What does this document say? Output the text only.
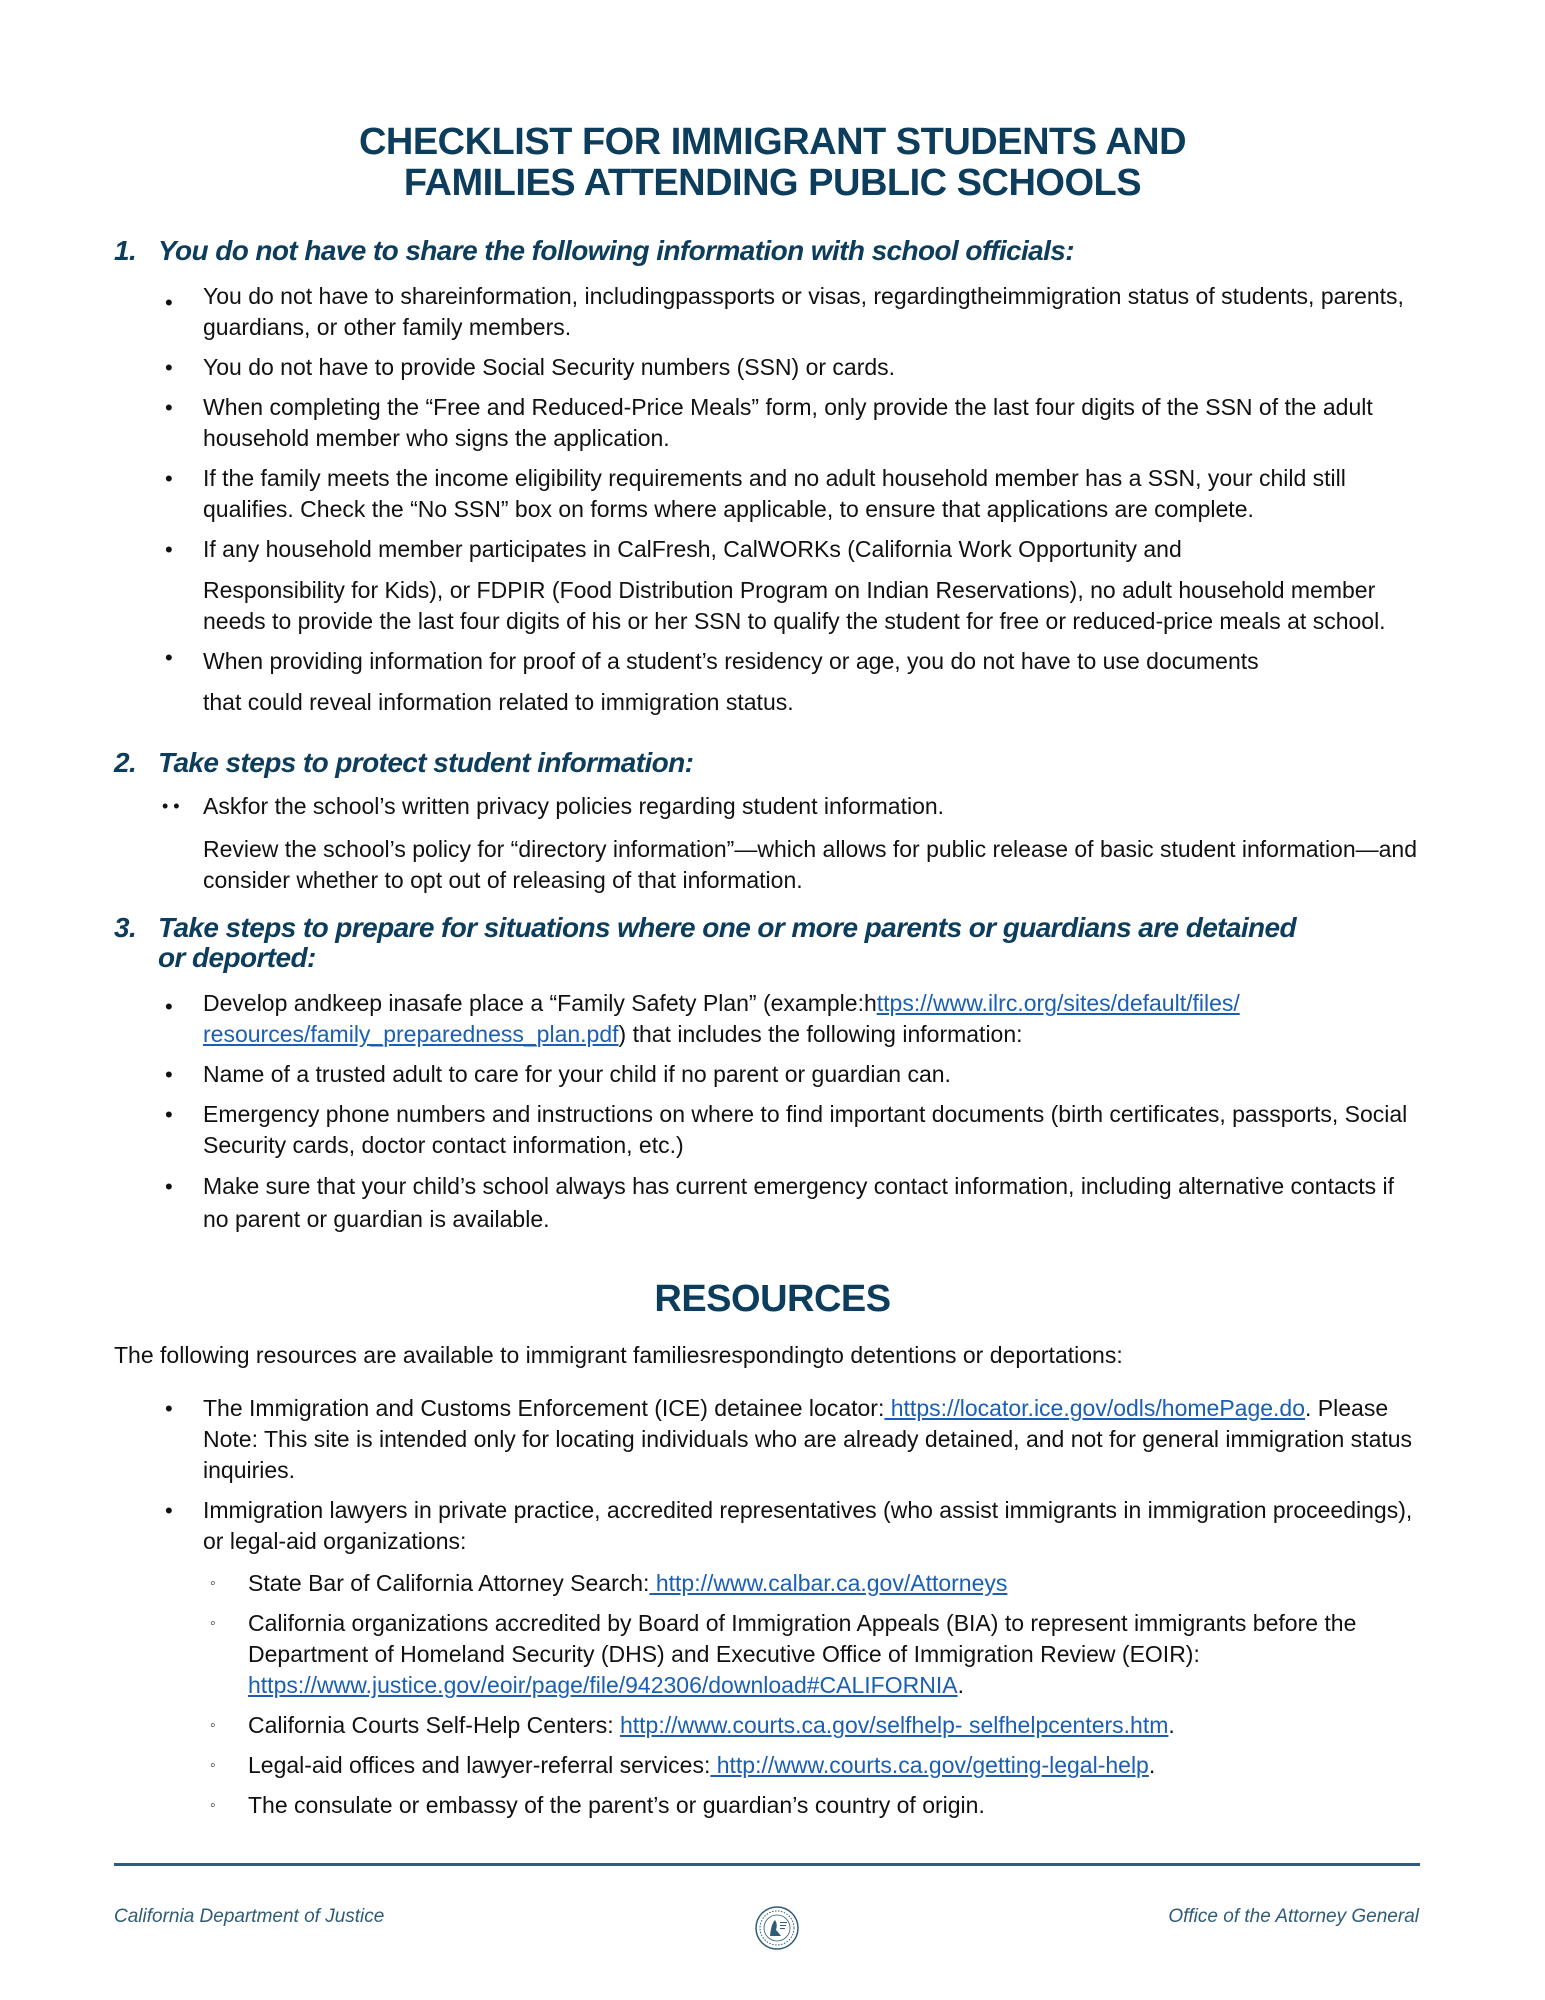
CHECKLIST FOR IMMIGRANT STUDENTS AND
FAMILIES ATTENDING PUBLIC SCHOOLS
1. You do not have to share the following information with school officials:
• You do not have to shareinformation, includingpassports or visas, regardingtheimmigration status of students, parents, guardians, or other family members.
• You do not have to provide Social Security numbers (SSN) or cards.
• When completing the “Free and Reduced-Price Meals” form, only provide the last four digits of the SSN of the adult household member who signs the application.
• If the family meets the income eligibility requirements and no adult household member has a SSN, your child still qualifies. Check the “No SSN” box on forms where applicable, to ensure that applications are complete.
• If any household member participates in CalFresh, CalWORKs (California Work Opportunity and
Responsibility for Kids), or FDPIR (Food Distribution Program on Indian Reservations), no adult household member needs to provide the last four digits of his or her SSN to qualify the student for free or reduced-price meals at school.
• When providing information for proof of a student’s residency or age, you do not have to use documents
that could reveal information related to immigration status.
2. Take steps to protect student information:
• • Askfor the school’s written privacy policies regarding student information.
Review the school’s policy for “directory information”—which allows for public release of basic student information—and consider whether to opt out of releasing of that information.
3. Take steps to prepare for situations where one or more parents or guardians are detained
or deported:
• Develop andkeep inasafe place a “Family Safety Plan” (example:https://www.ilrc.org/sites/default/files/ resources/family_preparedness_plan.pdf) that includes the following information:
• Name of a trusted adult to care for your child if no parent or guardian can.
• Emergency phone numbers and instructions on where to find important documents (birth certificates, passports, Social Security cards, doctor contact information, etc.)
• Make sure that your child’s school always has current emergency contact information, including alternative contacts if no parent or guardian is available.
RESOURCES
The following resources are available to immigrant familiesrespondingto detentions or deportations:
• The Immigration and Customs Enforcement (ICE) detainee locator: https://locator.ice.gov/odls/homePage.do. Please Note: This site is intended only for locating individuals who are already detained, and not for general immigration status inquiries.
• Immigration lawyers in private practice, accredited representatives (who assist immigrants in immigration proceedings), or legal-aid organizations:
◦ State Bar of California Attorney Search: http://www.calbar.ca.gov/Attorneys
◦ California organizations accredited by Board of Immigration Appeals (BIA) to represent immigrants before the Department of Homeland Security (DHS) and Executive Office of Immigration Review (EOIR): https://www.justice.gov/eoir/page/file/942306/download#CALIFORNIA.
◦ California Courts Self-Help Centers: http://www.courts.ca.gov/selfhelp- selfhelpcenters.htm.
◦ Legal-aid offices and lawyer-referral services: http://www.courts.ca.gov/getting-legal-help.
◦ The consulate or embassy of the parent’s or guardian’s country of origin.
California Department of Justice	Office of the Attorney General
